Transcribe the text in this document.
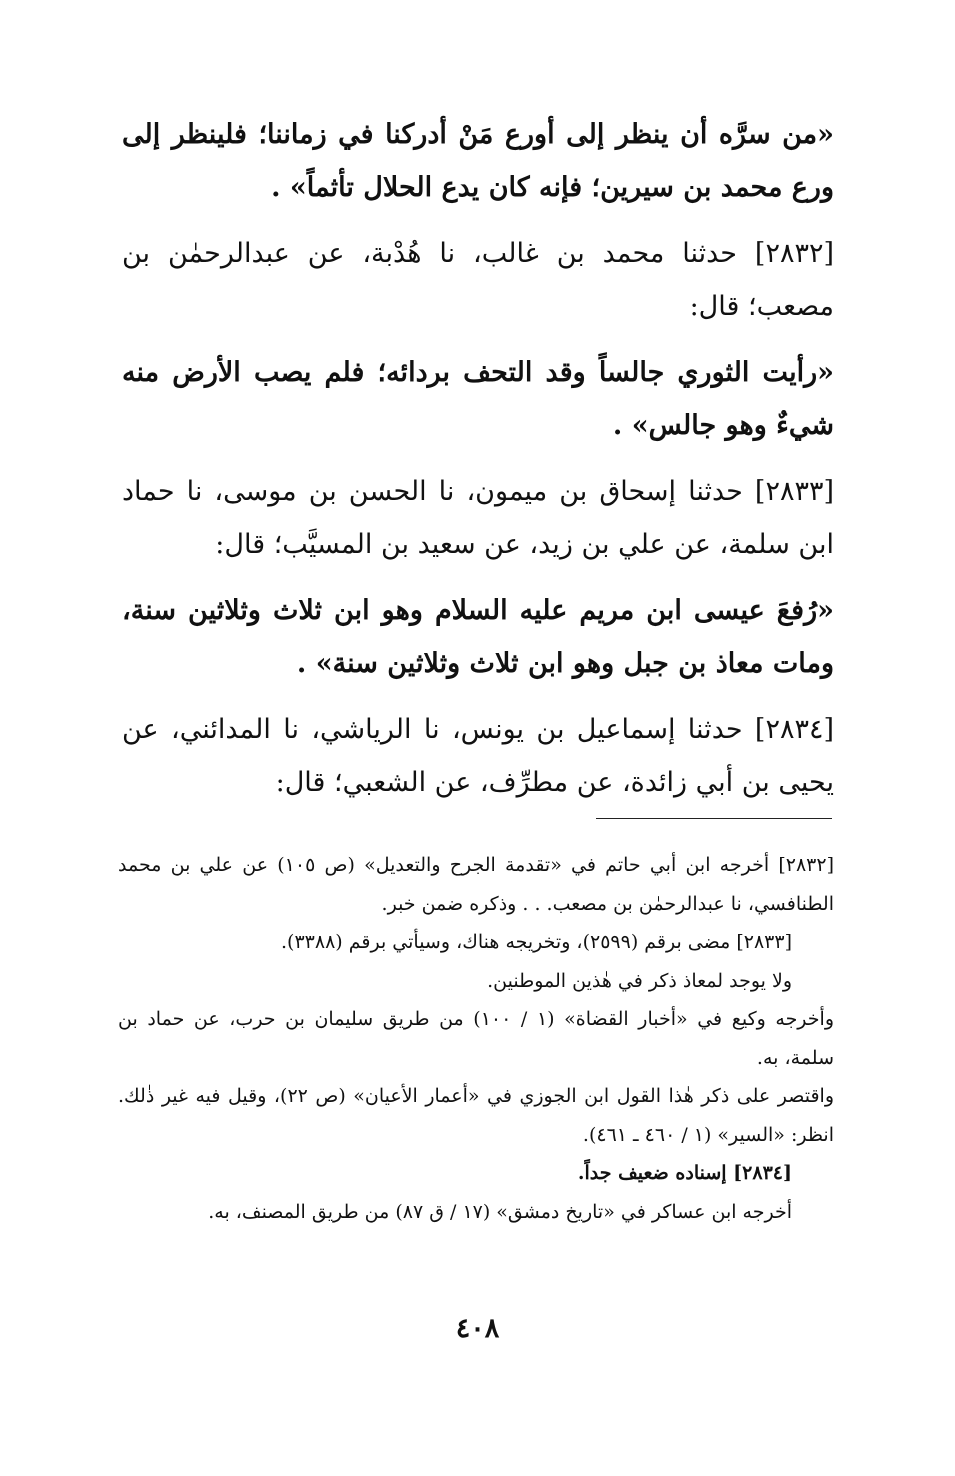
«من سرَّه أن ينظر إلى أورع مَنْ أدركنا في زماننا؛ فلينظر إلى ورع محمد بن سيرين؛ فإنه كان يدع الحلال تأثماً» .

[٢٨٣٢] حدثنا محمد بن غالب، نا هُدْبة، عن عبدالرحمٰن بن مصعب؛ قال:

«رأيت الثوري جالساً وقد التحف بردائه؛ فلم يصب الأرض منه شيءٌ وهو جالس» .

[٢٨٣٣] حدثنا إسحاق بن ميمون، نا الحسن بن موسى، نا حماد ابن سلمة، عن علي بن زيد، عن سعيد بن المسيَّب؛ قال:

«رُفعَ عيسى ابن مريم عليه السلام وهو ابن ثلاث وثلاثين سنة، ومات معاذ بن جبل وهو ابن ثلاث وثلاثين سنة» .

[٢٨٣٤] حدثنا إسماعيل بن يونس، نا الرياشي، نا المدائني، عن يحيى بن أبي زائدة، عن مطرِّف، عن الشعبي؛ قال:

[٢٨٣٢] أخرجه ابن أبي حاتم في «تقدمة الجرح والتعديل» (ص ١٠٥) عن علي بن محمد الطنافسي، نا عبدالرحمٰن بن مصعب. . . وذكره ضمن خبر.

[٢٨٣٣] مضى برقم (٢٥٩٩)، وتخريجه هناك، وسيأتي برقم (٣٣٨٨).

ولا يوجد لمعاذ ذكر في هٰذين الموطنين.

وأخرجه وكيع في «أخبار القضاة» (١ / ١٠٠) من طريق سليمان بن حرب، عن حماد بن سلمة، به.

واقتصر على ذكر هٰذا القول ابن الجوزي في «أعمار الأعيان» (ص ٢٢)، وقيل فيه غير ذٰلك. انظر: «السير» (١ / ٤٦٠ ـ ٤٦١).

[٢٨٣٤] إسناده ضعيف جداً.

أخرجه ابن عساكر في «تاريخ دمشق» (١٧ / ق ٨٧) من طريق المصنف، به.

٤٠٨
